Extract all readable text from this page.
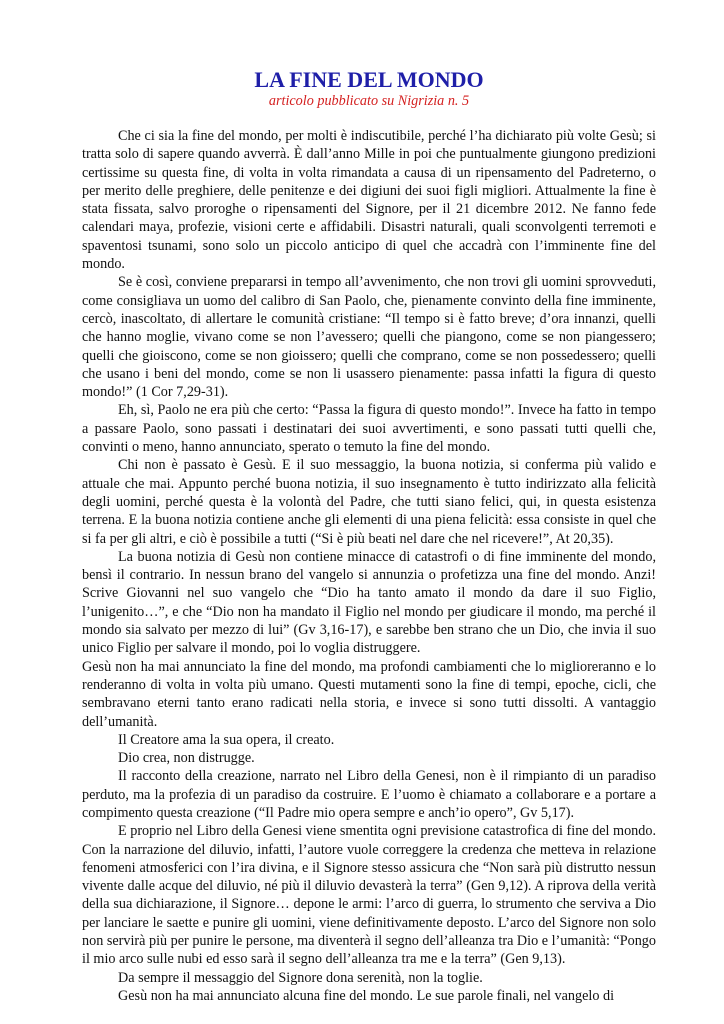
LA FINE DEL MONDO
articolo pubblicato su Nigrizia n. 5

Che ci sia la fine del mondo, per molti è indiscutibile, perché l’ha dichiarato più volte Gesù; si tratta solo di sapere quando avverrà. È dall’anno Mille in poi che puntualmente giungono predizioni certissime su questa fine, di volta in volta rimandata a causa di un ripensamento del Padreterno, o per merito delle preghiere, delle penitenze e dei digiuni dei suoi figli migliori. Attualmente la fine è stata fissata, salvo proroghe o ripensamenti del Signore, per il 21 dicembre 2012. Ne fanno fede calendari maya, profezie, visioni certe e affidabili. Disastri naturali, quali sconvolgenti terremoti e spaventosi tsunami, sono solo un piccolo anticipo di quel che accadrà con l’imminente fine del mondo.

Se è così, conviene prepararsi in tempo all’avvenimento, che non trovi gli uomini sprovveduti, come consigliava un uomo del calibro di San Paolo, che, pienamente convinto della fine imminente, cercò, inascoltato, di allertare le comunità cristiane: “Il tempo si è fatto breve; d’ora innanzi, quelli che hanno moglie, vivano come se non l’avessero; quelli che piangono, come se non piangessero; quelli che gioiscono, come se non gioissero; quelli che comprano, come se non possedessero; quelli che usano i beni del mondo, come se non li usassero pienamente: passa infatti la figura di questo mondo!” (1 Cor 7,29-31).

Eh, sì, Paolo ne era più che certo: “Passa la figura di questo mondo!”. Invece ha fatto in tempo a passare Paolo, sono passati i destinatari dei suoi avvertimenti, e sono passati tutti quelli che, convinti o meno, hanno annunciato, sperato o temuto la fine del mondo.

Chi non è passato è Gesù. E il suo messaggio, la buona notizia, si conferma più valido e attuale che mai. Appunto perché buona notizia, il suo insegnamento è tutto indirizzato alla felicità degli uomini, perché questa è la volontà del Padre, che tutti siano felici, qui, in questa esistenza terrena. E la buona notizia contiene anche gli elementi di una piena felicità: essa consiste in quel che si fa per gli altri, e ciò è possibile a tutti (“Si è più beati nel dare che nel ricevere!”, At 20,35).

La buona notizia di Gesù non contiene minacce di catastrofi o di fine imminente del mondo, bensì il contrario. In nessun brano del vangelo si annunzia o profetizza una fine del mondo. Anzi! Scrive Giovanni nel suo vangelo che “Dio ha tanto amato il mondo da dare il suo Figlio, l’unigenito…”, e che “Dio non ha mandato il Figlio nel mondo per giudicare il mondo, ma perché il mondo sia salvato per mezzo di lui” (Gv 3,16-17), e sarebbe ben strano che un Dio, che invia il suo unico Figlio per salvare il mondo, poi lo voglia distruggere.

Gesù non ha mai annunciato la fine del mondo, ma profondi cambiamenti che lo miglioreranno e lo renderanno di volta in volta più umano. Questi mutamenti sono la fine di tempi, epoche, cicli, che sembravano eterni tanto erano radicati nella storia, e invece si sono tutti dissolti. A vantaggio dell’umanità.

Il Creatore ama la sua opera, il creato.

Dio crea, non distrugge.

Il racconto della creazione, narrato nel Libro della Genesi, non è il rimpianto di un paradiso perduto, ma la profezia di un paradiso da costruire. E l’uomo è chiamato a collaborare e a portare a compimento questa creazione (“Il Padre mio opera sempre e anch’io opero”, Gv 5,17).

E proprio nel Libro della Genesi viene smentita ogni previsione catastrofica di fine del mondo. Con la narrazione del diluvio, infatti, l’autore vuole correggere la credenza che metteva in relazione fenomeni atmosferici con l’ira divina, e il Signore stesso assicura che “Non sarà più distrutto nessun vivente dalle acque del diluvio, né più il diluvio devasterà la terra” (Gen 9,12). A riprova della verità della sua dichiarazione, il Signore… depone le armi: l’arco di guerra, lo strumento che serviva a Dio per lanciare le saette e punire gli uomini, viene definitivamente deposto. L’arco del Signore non solo non servirà più per punire le persone, ma diventerà il segno dell’alleanza tra Dio e l’umanità: “Pongo il mio arco sulle nubi ed esso sarà il segno dell’alleanza tra me e la terra” (Gen 9,13).

Da sempre il messaggio del Signore dona serenità, non la toglie.

Gesù non ha mai annunciato alcuna fine del mondo. Le sue parole finali, nel vangelo di
